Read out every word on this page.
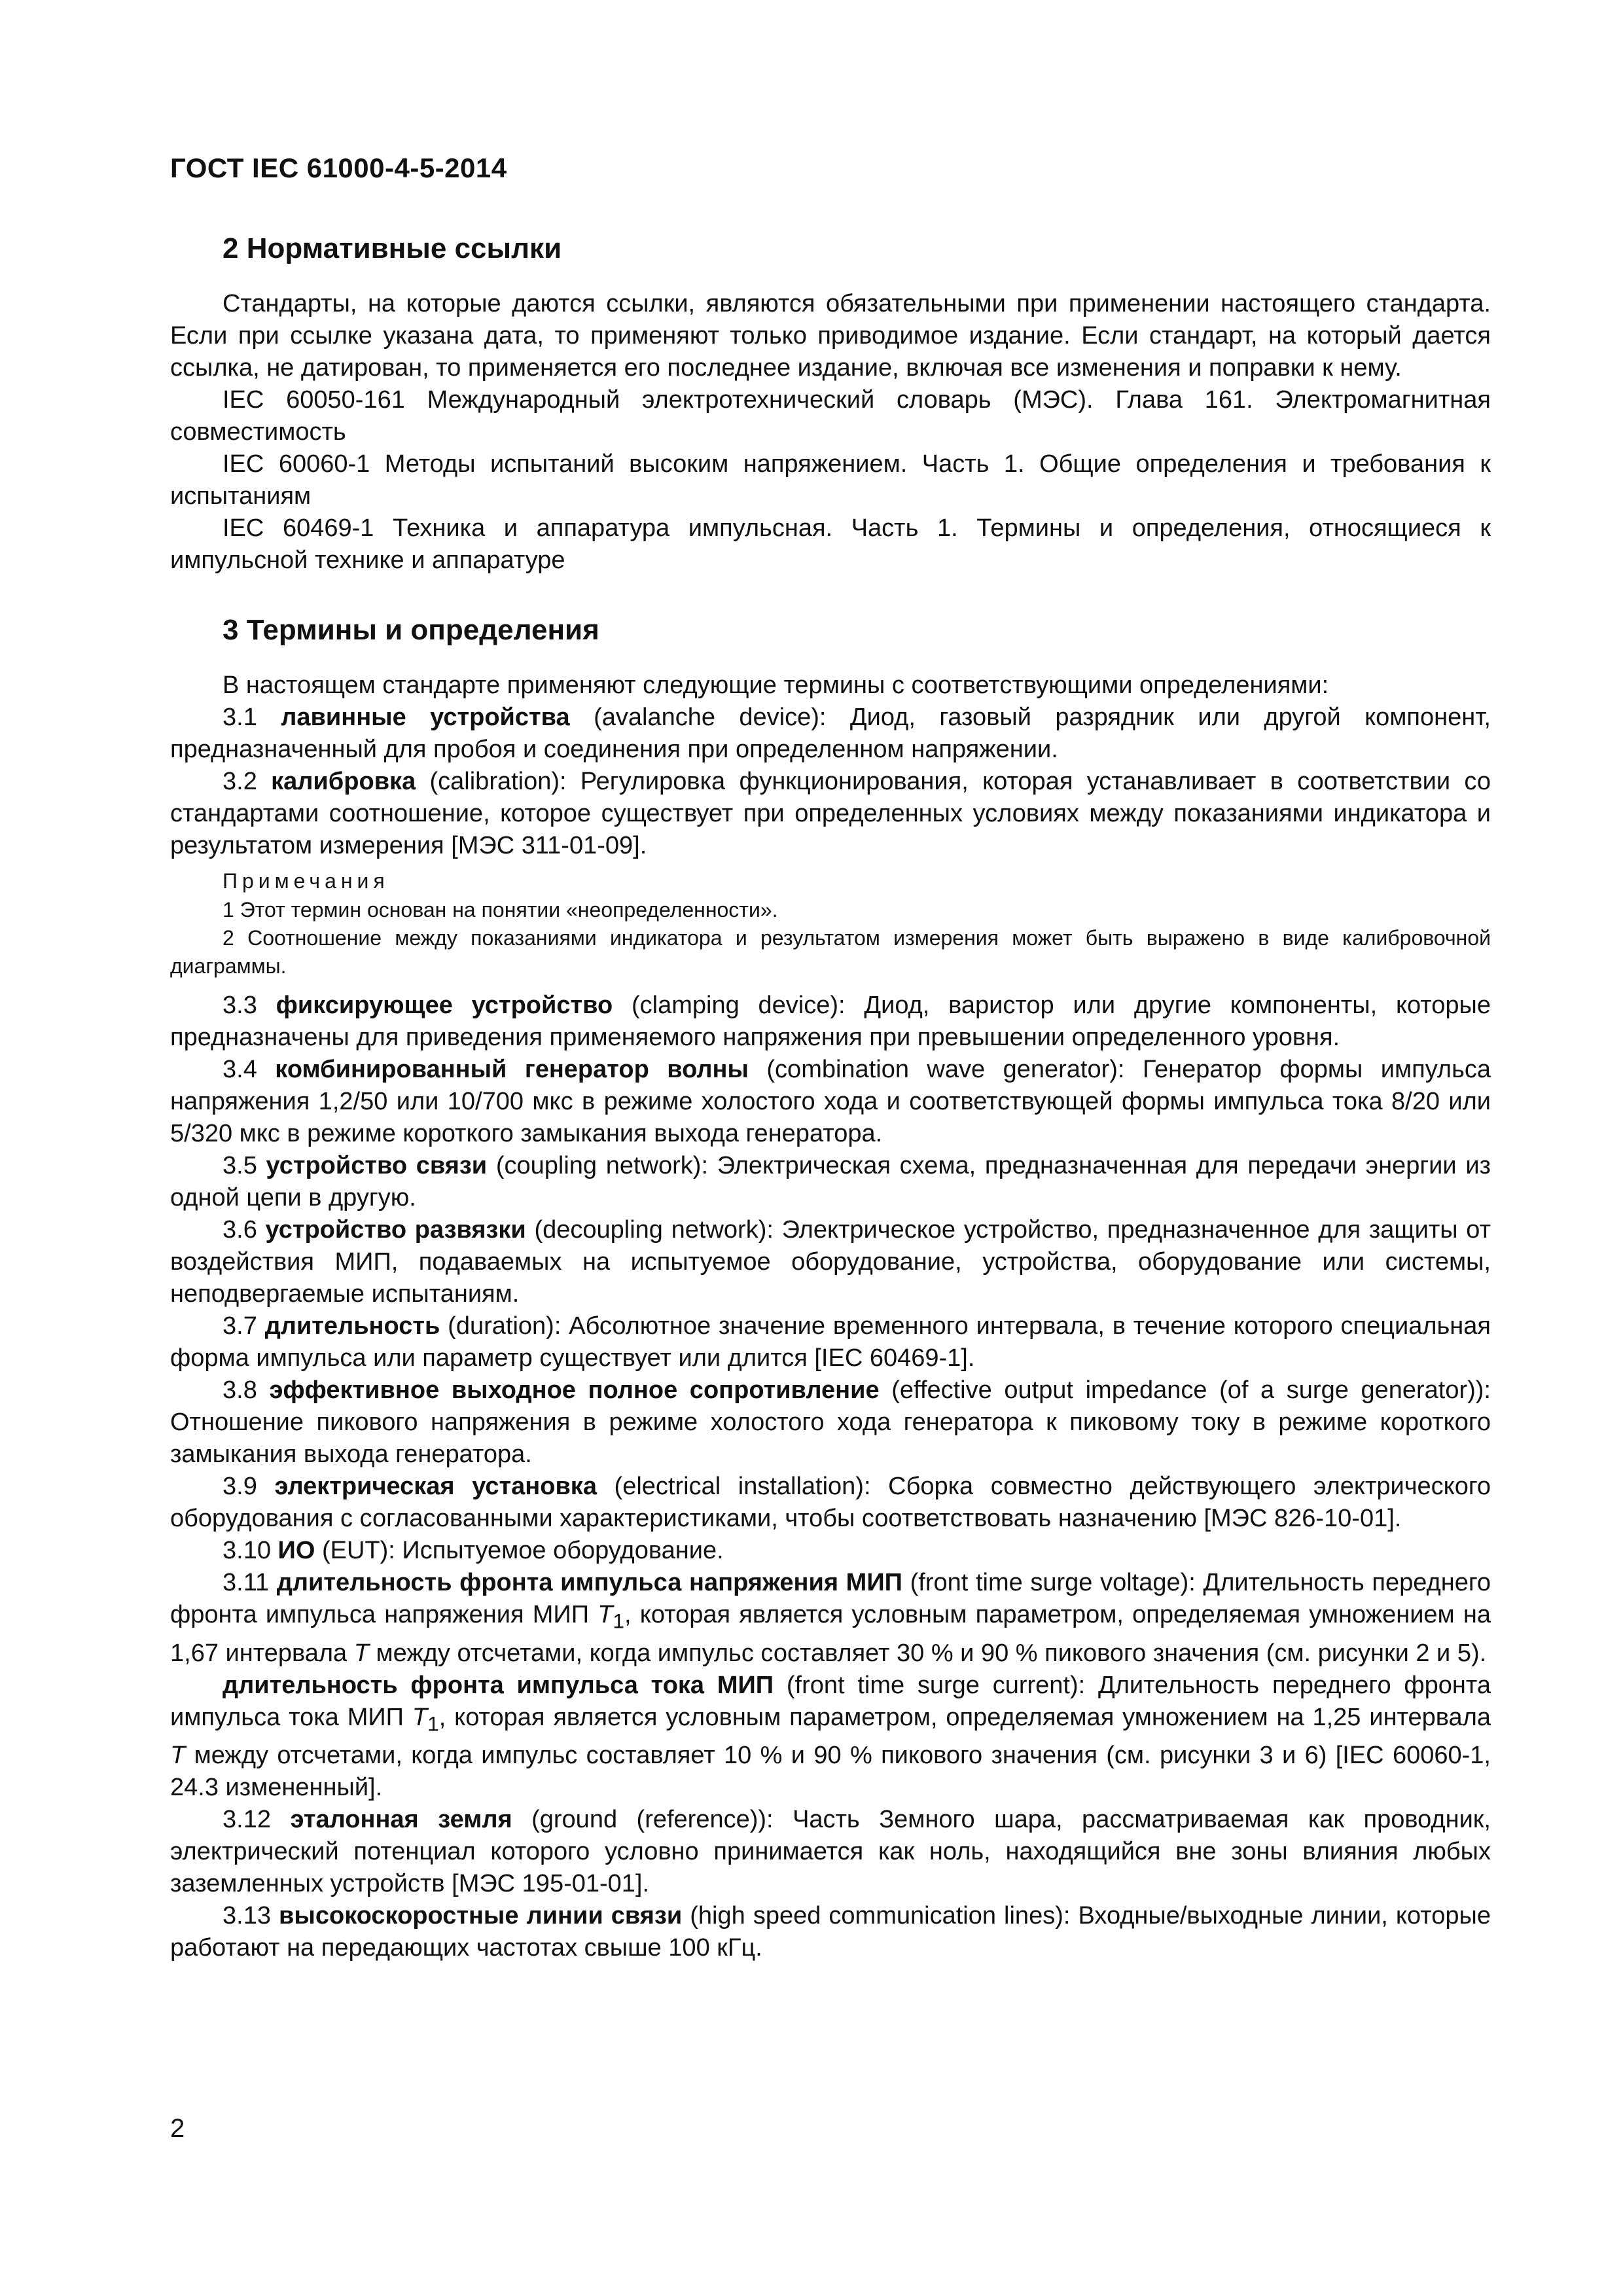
ГОСТ IEC 61000-4-5-2014
2 Нормативные ссылки

Стандарты, на которые даются ссылки, являются обязательными при применении настоящего стандарта. Если при ссылке указана дата, то применяют только приводимое издание. Если стандарт, на который дается ссылка, не датирован, то применяется его последнее издание, включая все изменения и поправки к нему.

IEC 60050-161 Международный электротехнический словарь (МЭС). Глава 161. Электромагнитная совместимость

IEC 60060-1 Методы испытаний высоким напряжением. Часть 1. Общие определения и требования к испытаниям

IEC 60469-1 Техника и аппаратура импульсная. Часть 1. Термины и определения, относящиеся к импульсной технике и аппаратуре

3 Термины и определения

В настоящем стандарте применяют следующие термины с соответствующими определениями:

3.1 лавинные устройства (avalanche device): Диод, газовый разрядник или другой компонент, предназначенный для пробоя и соединения при определенном напряжении.

3.2 калибровка (calibration): Регулировка функционирования, которая устанавливает в соответствии со стандартами соотношение, которое существует при определенных условиях между показаниями индикатора и результатом измерения [МЭС 311-01-09].

Примечания

1 Этот термин основан на понятии «неопределенности».

2 Соотношение между показаниями индикатора и результатом измерения может быть выражено в виде калибровочной диаграммы.

3.3 фиксирующее устройство (clamping device): Диод, варистор или другие компоненты, которые предназначены для приведения применяемого напряжения при превышении определенного уровня.

3.4 комбинированный генератор волны (combination wave generator): Генератор формы импульса напряжения 1,2/50 или 10/700 мкс в режиме холостого хода и соответствующей формы импульса тока 8/20 или 5/320 мкс в режиме короткого замыкания выхода генератора.

3.5 устройство связи (coupling network): Электрическая схема, предназначенная для передачи энергии из одной цепи в другую.

3.6 устройство развязки (decoupling network): Электрическое устройство, предназначенное для защиты от воздействия МИП, подаваемых на испытуемое оборудование, устройства, оборудование или системы, неподвергаемые испытаниям.

3.7 длительность (duration): Абсолютное значение временного интервала, в течение которого специальная форма импульса или параметр существует или длится [IEC 60469-1].

3.8 эффективное выходное полное сопротивление (effective output impedance (of a surge generator)): Отношение пикового напряжения в режиме холостого хода генератора к пиковому току в режиме короткого замыкания выхода генератора.

3.9 электрическая установка (electrical installation): Сборка совместно действующего электрического оборудования с согласованными характеристиками, чтобы соответствовать назначению [МЭС 826-10-01].

3.10 ИО (EUT): Испытуемое оборудование.

3.11 длительность фронта импульса напряжения МИП (front time surge voltage): Длительность переднего фронта импульса напряжения МИП $T_1$, которая является условным параметром, определяемая умножением на 1,67 интервала T между отсчетами, когда импульс составляет 30 % и 90 % пикового значения (см. рисунки 2 и 5).

длительность фронта импульса тока МИП (front time surge current): Длительность переднего фронта импульса тока МИП $T_1$, которая является условным параметром, определяемая умножением на 1,25 интервала T между отсчетами, когда импульс составляет 10 % и 90 % пикового значения (см. рисунки 3 и 6) [IEC 60060-1, 24.3 измененный].

3.12 эталонная земля (ground (reference)): Часть Земного шара, рассматриваемая как проводник, электрический потенциал которого условно принимается как ноль, находящийся вне зоны влияния любых заземленных устройств [МЭС 195-01-01].

3.13 высокоскоростные линии связи (high speed communication lines): Входные/выходные линии, которые работают на передающих частотах свыше 100 кГц.

2
